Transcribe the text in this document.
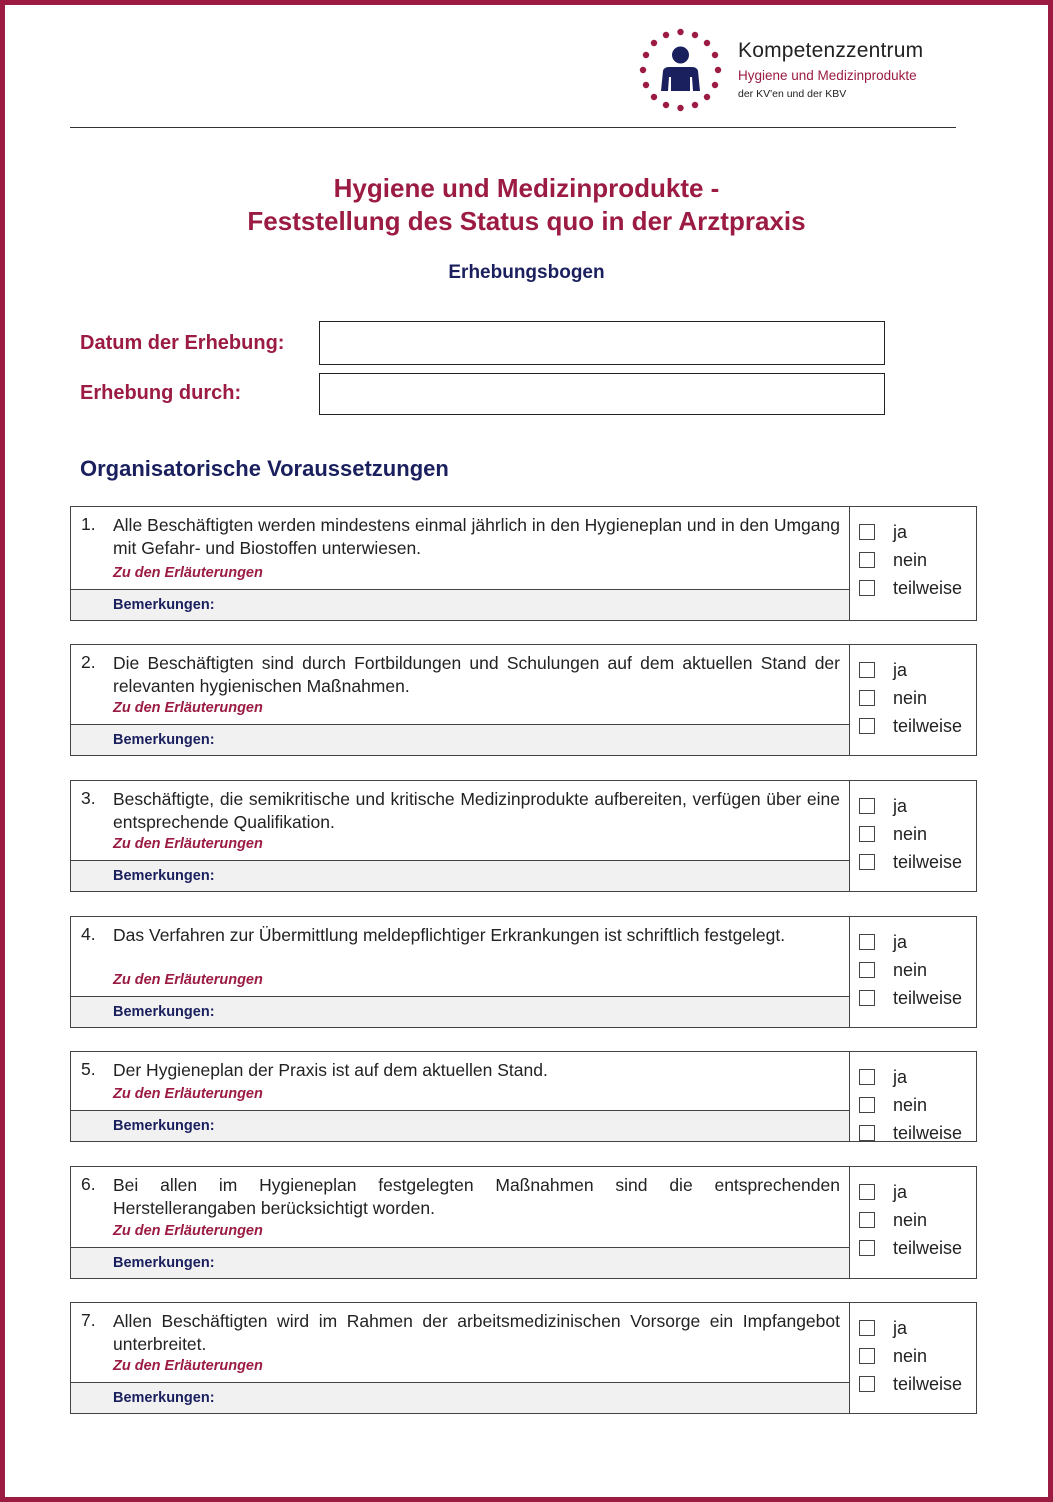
Kompetenzzentrum
Hygiene und Medizinprodukte
der KV'en und der KBV
Hygiene und Medizinprodukte -
Feststellung des Status quo in der Arztpraxis
Erhebungsbogen
Datum der Erhebung:
Erhebung durch:
Organisatorische Voraussetzungen
1. Alle Beschäftigten werden mindestens einmal jährlich in den Hygieneplan und in den Umgang mit Gefahr- und Biostoffen unterwiesen.
Zu den Erläuterungen
Bemerkungen:
ja
nein
teilweise
2. Die Beschäftigten sind durch Fortbildungen und Schulungen auf dem aktuellen Stand der relevanten hygienischen Maßnahmen.
Zu den Erläuterungen
Bemerkungen:
ja
nein
teilweise
3. Beschäftigte, die semikritische und kritische Medizinprodukte aufbereiten, verfügen über eine entsprechende Qualifikation.
Zu den Erläuterungen
Bemerkungen:
ja
nein
teilweise
4. Das Verfahren zur Übermittlung meldepflichtiger Erkrankungen ist schriftlich festgelegt.
Zu den Erläuterungen
Bemerkungen:
ja
nein
teilweise
5. Der Hygieneplan der Praxis ist auf dem aktuellen Stand.
Zu den Erläuterungen
Bemerkungen:
ja
nein
teilweise
6. Bei allen im Hygieneplan festgelegten Maßnahmen sind die entsprechenden Herstellerangaben berücksichtigt worden.
Zu den Erläuterungen
Bemerkungen:
ja
nein
teilweise
7. Allen Beschäftigten wird im Rahmen der arbeitsmedizinischen Vorsorge ein Impfangebot unterbreitet.
Zu den Erläuterungen
Bemerkungen:
ja
nein
teilweise
